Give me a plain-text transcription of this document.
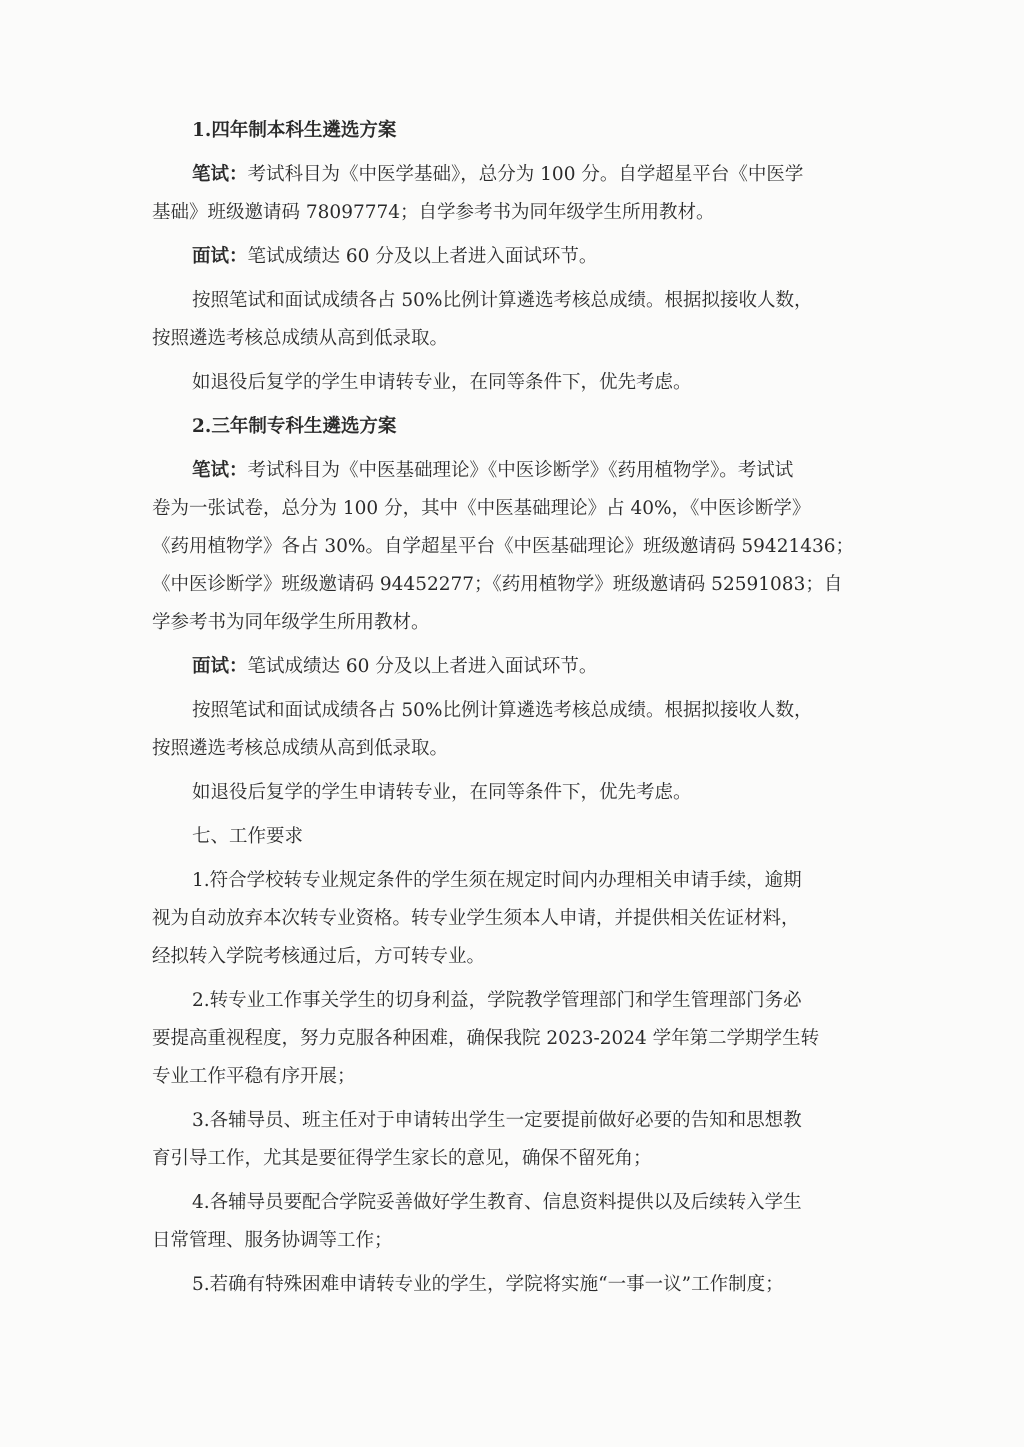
1.四年制本科生遴选方案
笔试：考试科目为《中医学基础》，总分为 100 分。自学超星平台《中医学
基础》班级邀请码 78097774；自学参考书为同年级学生所用教材。
面试：笔试成绩达 60 分及以上者进入面试环节。
按照笔试和面试成绩各占 50%比例计算遴选考核总成绩。根据拟接收人数，
按照遴选考核总成绩从高到低录取。
如退役后复学的学生申请转专业，在同等条件下，优先考虑。
2.三年制专科生遴选方案
笔试：考试科目为《中医基础理论》《中医诊断学》《药用植物学》。考试试
卷为一张试卷，总分为 100 分，其中《中医基础理论》占 40%，《中医诊断学》
《药用植物学》各占 30%。自学超星平台《中医基础理论》班级邀请码 59421436；
《中医诊断学》班级邀请码 94452277；《药用植物学》班级邀请码 52591083；自
学参考书为同年级学生所用教材。
面试：笔试成绩达 60 分及以上者进入面试环节。
按照笔试和面试成绩各占 50%比例计算遴选考核总成绩。根据拟接收人数，
按照遴选考核总成绩从高到低录取。
如退役后复学的学生申请转专业，在同等条件下，优先考虑。
七、工作要求
1.符合学校转专业规定条件的学生须在规定时间内办理相关申请手续，逾期
视为自动放弃本次转专业资格。转专业学生须本人申请，并提供相关佐证材料，
经拟转入学院考核通过后，方可转专业。
2.转专业工作事关学生的切身利益，学院教学管理部门和学生管理部门务必
要提高重视程度，努力克服各种困难，确保我院 2023-2024 学年第二学期学生转
专业工作平稳有序开展；
3.各辅导员、班主任对于申请转出学生一定要提前做好必要的告知和思想教
育引导工作，尤其是要征得学生家长的意见，确保不留死角；
4.各辅导员要配合学院妥善做好学生教育、信息资料提供以及后续转入学生
日常管理、服务协调等工作；
5.若确有特殊困难申请转专业的学生，学院将实施“一事一议”工作制度；
